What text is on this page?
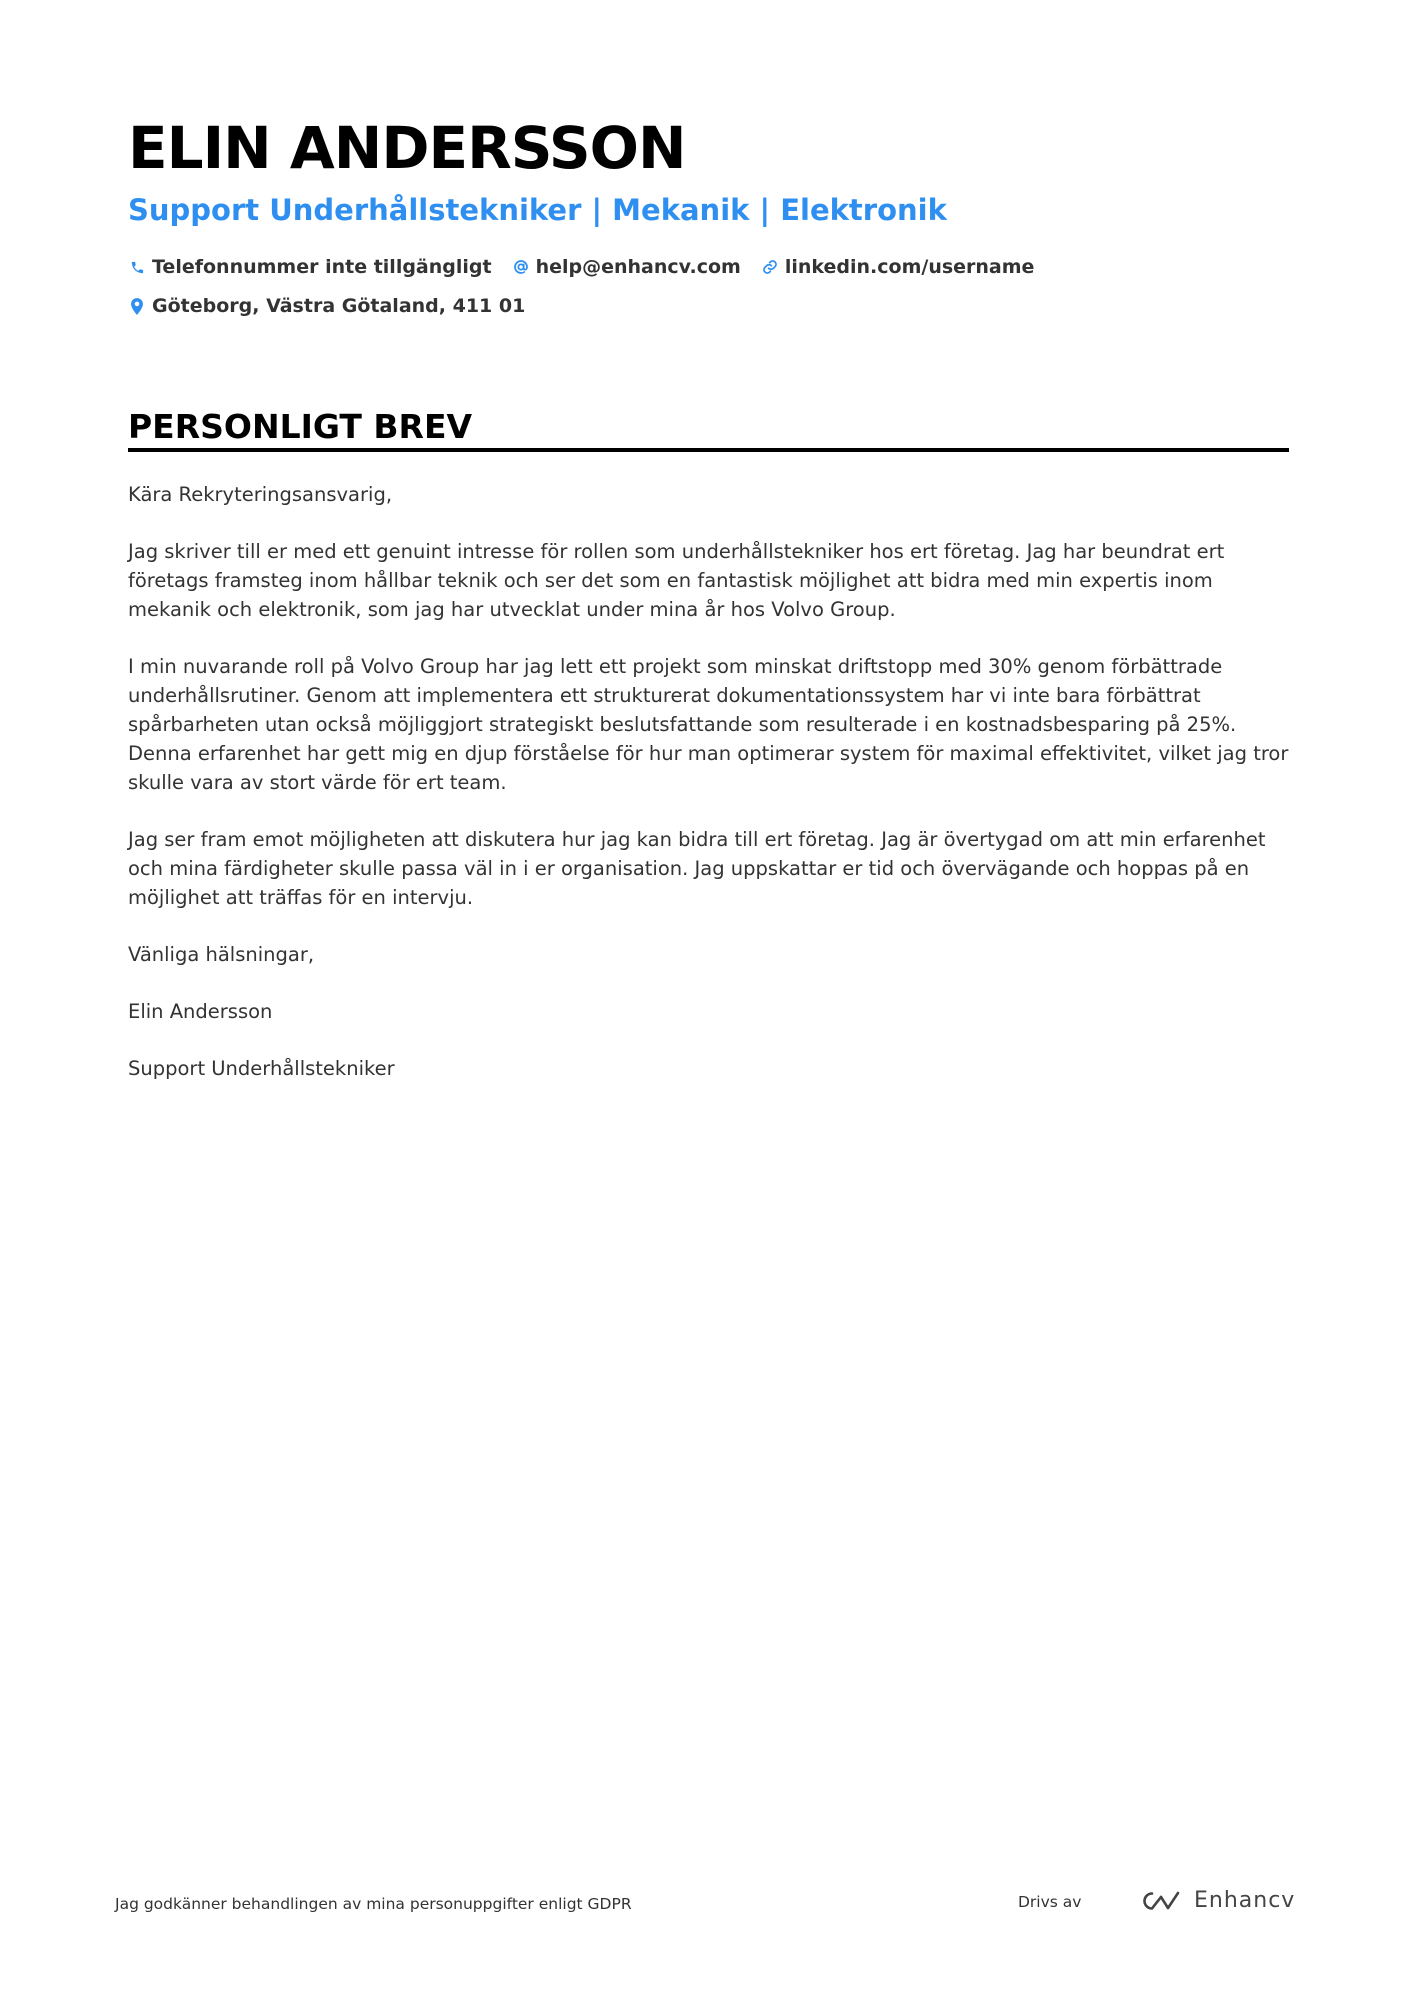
ELIN ANDERSSON
Support Underhållstekniker | Mekanik | Elektronik
Telefonnummer inte tillgängligt help@enhancv.com linkedin.com/username
Göteborg, Västra Götaland, 411 01
PERSONLIGT BREV

Kära Rekryteringsansvarig,

Jag skriver till er med ett genuint intresse för rollen som underhållstekniker hos ert företag. Jag har beundrat ert företags framsteg inom hållbar teknik och ser det som en fantastisk möjlighet att bidra med min expertis inom mekanik och elektronik, som jag har utvecklat under mina år hos Volvo Group.

I min nuvarande roll på Volvo Group har jag lett ett projekt som minskat driftstopp med 30% genom förbättrade underhållsrutiner. Genom att implementera ett strukturerat dokumentationssystem har vi inte bara förbättrat spårbarheten utan också möjliggjort strategiskt beslutsfattande som resulterade i en kostnadsbesparing på 25%. Denna erfarenhet har gett mig en djup förståelse för hur man optimerar system för maximal effektivitet, vilket jag tror skulle vara av stort värde för ert team.

Jag ser fram emot möjligheten att diskutera hur jag kan bidra till ert företag. Jag är övertygad om att min erfarenhet och mina färdigheter skulle passa väl in i er organisation. Jag uppskattar er tid och övervägande och hoppas på en möjlighet att träffas för en intervju.

Vänliga hälsningar,

Elin Andersson

Support Underhållstekniker

Jag godkänner behandlingen av mina personuppgifter enligt GDPR	Drivs av	Enhancv
